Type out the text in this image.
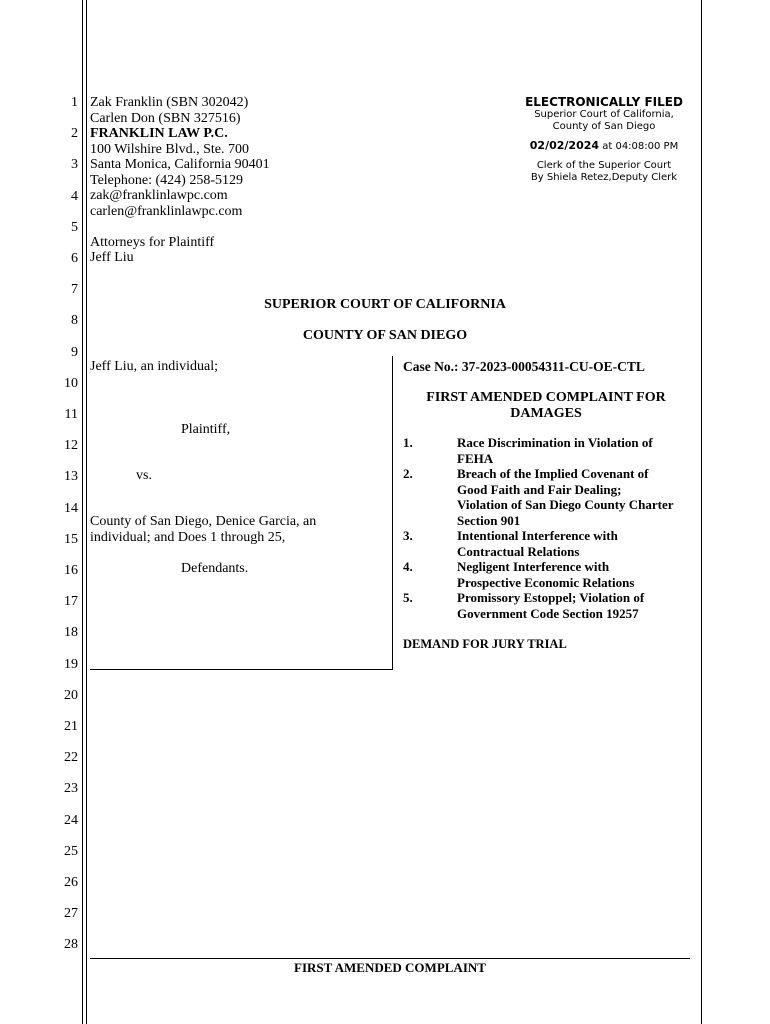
1
2
3
4
5
6
7
8
9
10
11
12
13
14
15
16
17
18
19
20
21
22
23
24
25
26
27
28
Zak Franklin (SBN 302042)
Carlen Don (SBN 327516)
FRANKLIN LAW P.C.
100 Wilshire Blvd., Ste. 700
Santa Monica, California 90401
Telephone: (424) 258-5129
zak@franklinlawpc.com
carlen@franklinlawpc.com
Attorneys for Plaintiff
Jeff Liu
ELECTRONICALLY FILED
Superior Court of California,
County of San Diego
02/02/2024 at 04:08:00 PM
Clerk of the Superior Court
By Shiela Retez,Deputy Clerk
SUPERIOR COURT OF CALIFORNIA
COUNTY OF SAN DIEGO
Jeff Liu, an individual;
Plaintiff,
vs.
County of San Diego, Denice Garcia, an
individual; and Does 1 through 25,
Defendants.
Case No.: 37-2023-00054311-CU-OE-CTL
FIRST AMENDED COMPLAINT FOR
DAMAGES
1.	Race Discrimination in Violation of
FEHA
2.	Breach of the Implied Covenant of
Good Faith and Fair Dealing;
Violation of San Diego County Charter
Section 901
3.	Intentional Interference with
Contractual Relations
4.	Negligent Interference with
Prospective Economic Relations
5.	Promissory Estoppel; Violation of
Government Code Section 19257
DEMAND FOR JURY TRIAL
FIRST AMENDED COMPLAINT
